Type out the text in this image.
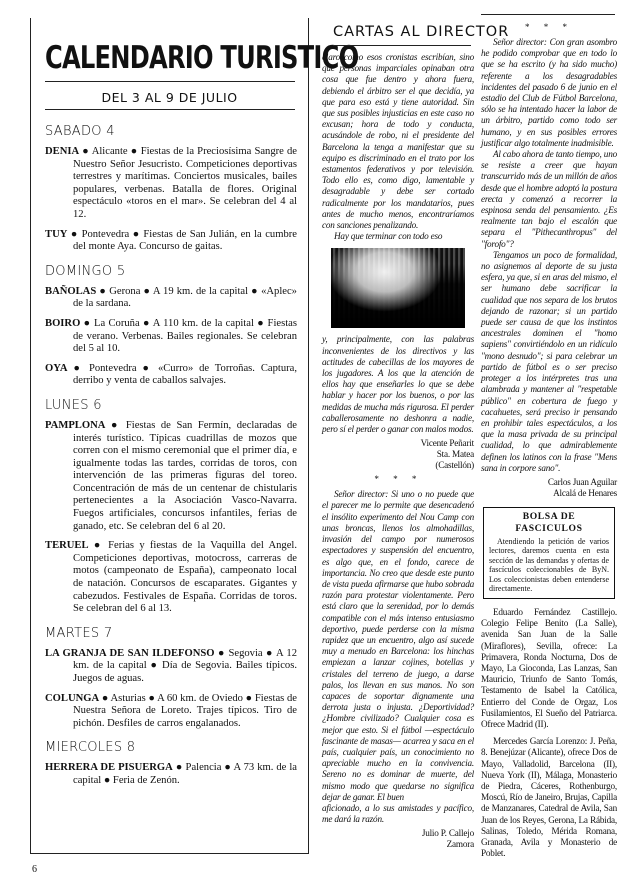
CALENDARIO TURISTICO
DEL 3 AL 9 DE JULIO
SABADO 4
DENIA ● Alicante ● Fiestas de la Preciosísima Sangre de Nuestro Señor Jesucristo. Competiciones deportivas terrestres y marítimas. Conciertos musicales, bailes populares, verbenas. Batalla de flores. Original espectáculo «toros en el mar». Se celebran del 4 al 12.
TUY ● Pontevedra ● Fiestas de San Julián, en la cumbre del monte Aya. Concurso de gaitas.
DOMINGO 5
BAÑOLAS ● Gerona ● A 19 km. de la capital ● «Aplec» de la sardana.
BOIRO ● La Coruña ● A 110 km. de la capital ● Fiestas de verano. Verbenas. Bailes regionales. Se celebran del 5 al 10.
OYA ● Pontevedra ● «Curro» de Torroñas. Captura, derribo y venta de caballos salvajes.
LUNES 6
PAMPLONA ● Fiestas de San Fermín, declaradas de interés turístico. Típicas cuadrillas de mozos que corren con el mismo ceremonial que el primer día, e igualmente todas las tardes, corridas de toros, con intervención de las primeras figuras del toreo. Concentración de más de un centenar de chistularis pertenecientes a la Asociación Vasco-Navarra. Fuegos artificiales, concursos infantiles, ferias de ganado, etc. Se celebran del 6 al 20.
TERUEL ● Ferias y fiestas de la Vaquilla del Angel. Competiciones deportivas, motocross, carreras de motos (campeonato de España), campeonato local de natación. Concursos de escaparates. Gigantes y cabezudos. Festivales de España. Corridas de toros. Se celebran del 6 al 13.
MARTES 7
LA GRANJA DE SAN ILDEFONSO ● Segovia ● A 12 km. de la capital ● Día de Segovia. Bailes típicos. Juegos de aguas.
COLUNGA ● Asturias ● A 60 km. de Oviedo ● Fiestas de Nuestra Señora de Loreto. Trajes típicos. Tiro de pichón. Desfiles de carros engalanados.
MIERCOLES 8
HERRERA DE PISUERGA ● Palencia ● A 73 km. de la capital ● Feria de Zenón.
6
CARTAS AL DIRECTOR

claro como esos cronistas escribían, sino que personas imparciales opinaban otra cosa que fue dentro y ahora fuera, debiendo el árbitro ser el que decidía, ya que para eso está y tiene autoridad. Sin que sus posibles injusticias en este caso no excusan; hora de todo y conducta, acusándole de robo, ni el presidente del Barcelona la tenga a manifestar que su equipo es discriminado en el trato por los estamentos federativos y por televisión. Todo ello es, como digo, lamentable y desagradable y debe ser cortado radicalmente por los mandatarios, pues antes de mucho menos, encontraríamos con sanciones penalizando.

Hay que terminar con todo eso

y, principalmente, con las palabras inconvenientes de los directivos y las actitudes de cabecillas de los mayores de los jugadores. A los que la atención de ellos hay que enseñarles lo que se debe hablar y hacer por los buenos, o por las medidas de mucha más rigurosa. El perder caballerosamente no deshonra a nadie, pero sí el perder o ganar con malos modos.

Vicente Peñarit
Sta. Matea
(Castellón)
* * *

Señor director: Si uno o no puede que el parecer me lo permite que desencadenó el insólito experimento del Nou Camp con unas broncas, llenos los almohadillas, invasión del campo por numerosos espectadores y suspensión del encuentro, es algo que, en el fondo, carece de importancia. No creo que desde este punto de vista pueda afirmarse que hubo sobrada razón para protestar violentamente. Pero está claro que la serenidad, por lo demás compatible con el más intenso entusiasmo deportivo, puede perderse con la misma rapidez que un encuentro, algo así sucede muy a menudo en Barcelona: los hinchas empiezan a lanzar cojines, botellas y cristales del terreno de juego, a darse palos, los llevan en sus manos. No son capaces de soportar dignamente una derrota justa o injusta. ¿Deportividad? ¿Hombre civilizado? Cualquier cosa es mejor que esto. Si el fútbol —espectáculo fascinante de masas— acarrea y saca en el país, cualquier país, un conocimiento no apreciable mucho en la convivencia. Sereno no es dominar de muerte, del mismo modo que quedarse no significa dejar de ganar. El buen

aficionado, a lo sus amistades y pacífico, me dará la razón.

Julio P. Callejo
Zamora
* * *

Señor director: Con gran asombro he podido comprobar que en todo lo que se ha escrito (y ha sido mucho) referente a los desagradables incidentes del pasado 6 de junio en el estadio del Club de Fútbol Barcelona, sólo se ha intentado hacer la labor de un árbitro, partido como todo ser humano, y en sus posibles errores justificar algo totalmente inadmisible.

Al cabo ahora de tanto tiempo, uno se resiste a creer que hayan transcurrido más de un millón de años desde que el hombre adoptó la postura erecta y comenzó a recorrer la espinosa senda del pensamiento. ¿Es realmente tan bajo el escalón que separa el "Pithecanthropus" del "forofo"?

Tengamos un poco de formalidad, no asignemos al deporte de su justa esfera, ya que, si en aras del mismo, el ser humano debe sacrificar la cualidad que nos separa de los brutos dejando de razonar; si un partido puede ser causa de que los instintos ancestrales dominen el "homo sapiens" convirtiéndolo en un ridículo "mono desnudo"; si para celebrar un partido de fútbol es o ser preciso proteger a los intérpretes tras una alambrada y mantener al "respetable público" en cobertura de fuego y cacahuetes, será preciso ir pensando en prohibir tales espectáculos, a los que la masa privada de su principal cualidad, lo que admirablemente definen los latinos con la frase "Mens sana in corpore sano".

Carlos Juan Aguilar
Alcalá de Henares
BOLSA DE FASCICULOS
Atendiendo la petición de varios lectores, daremos cuenta en esta sección de las demandas y ofertas de fascículos coleccionables de ByN. Los coleccionistas deben entenderse directamente.

Eduardo Fernández Castillejo. Colegio Felipe Benito (La Salle), avenida San Juan de la Salle (Miraflores), Sevilla, ofrece: La Primavera, Ronda Nocturna, Dos de Mayo, La Gioconda, Las Lanzas, San Mauricio, Triunfo de Santo Tomás, Testamento de Isabel la Católica, Entierro del Conde de Orgaz, Los Fusilamientos, El Sueño del Patriarca. Ofrece Madrid (II).

Mercedes García Lorenzo: J. Peña, 8. Benejúzar (Alicante), ofrece Dos de Mayo, Valladolid, Barcelona (II), Nueva York (II), Málaga, Monasterio de Piedra, Cáceres, Rothenburgo, Moscú, Río de Janeiro, Brujas, Capilla de Manzanares, Catedral de Avila, San Juan de los Reyes, Gerona, La Rábida, Salinas, Toledo, Mérida Romana, Granada, Avila y Monasterio de Poblet.
